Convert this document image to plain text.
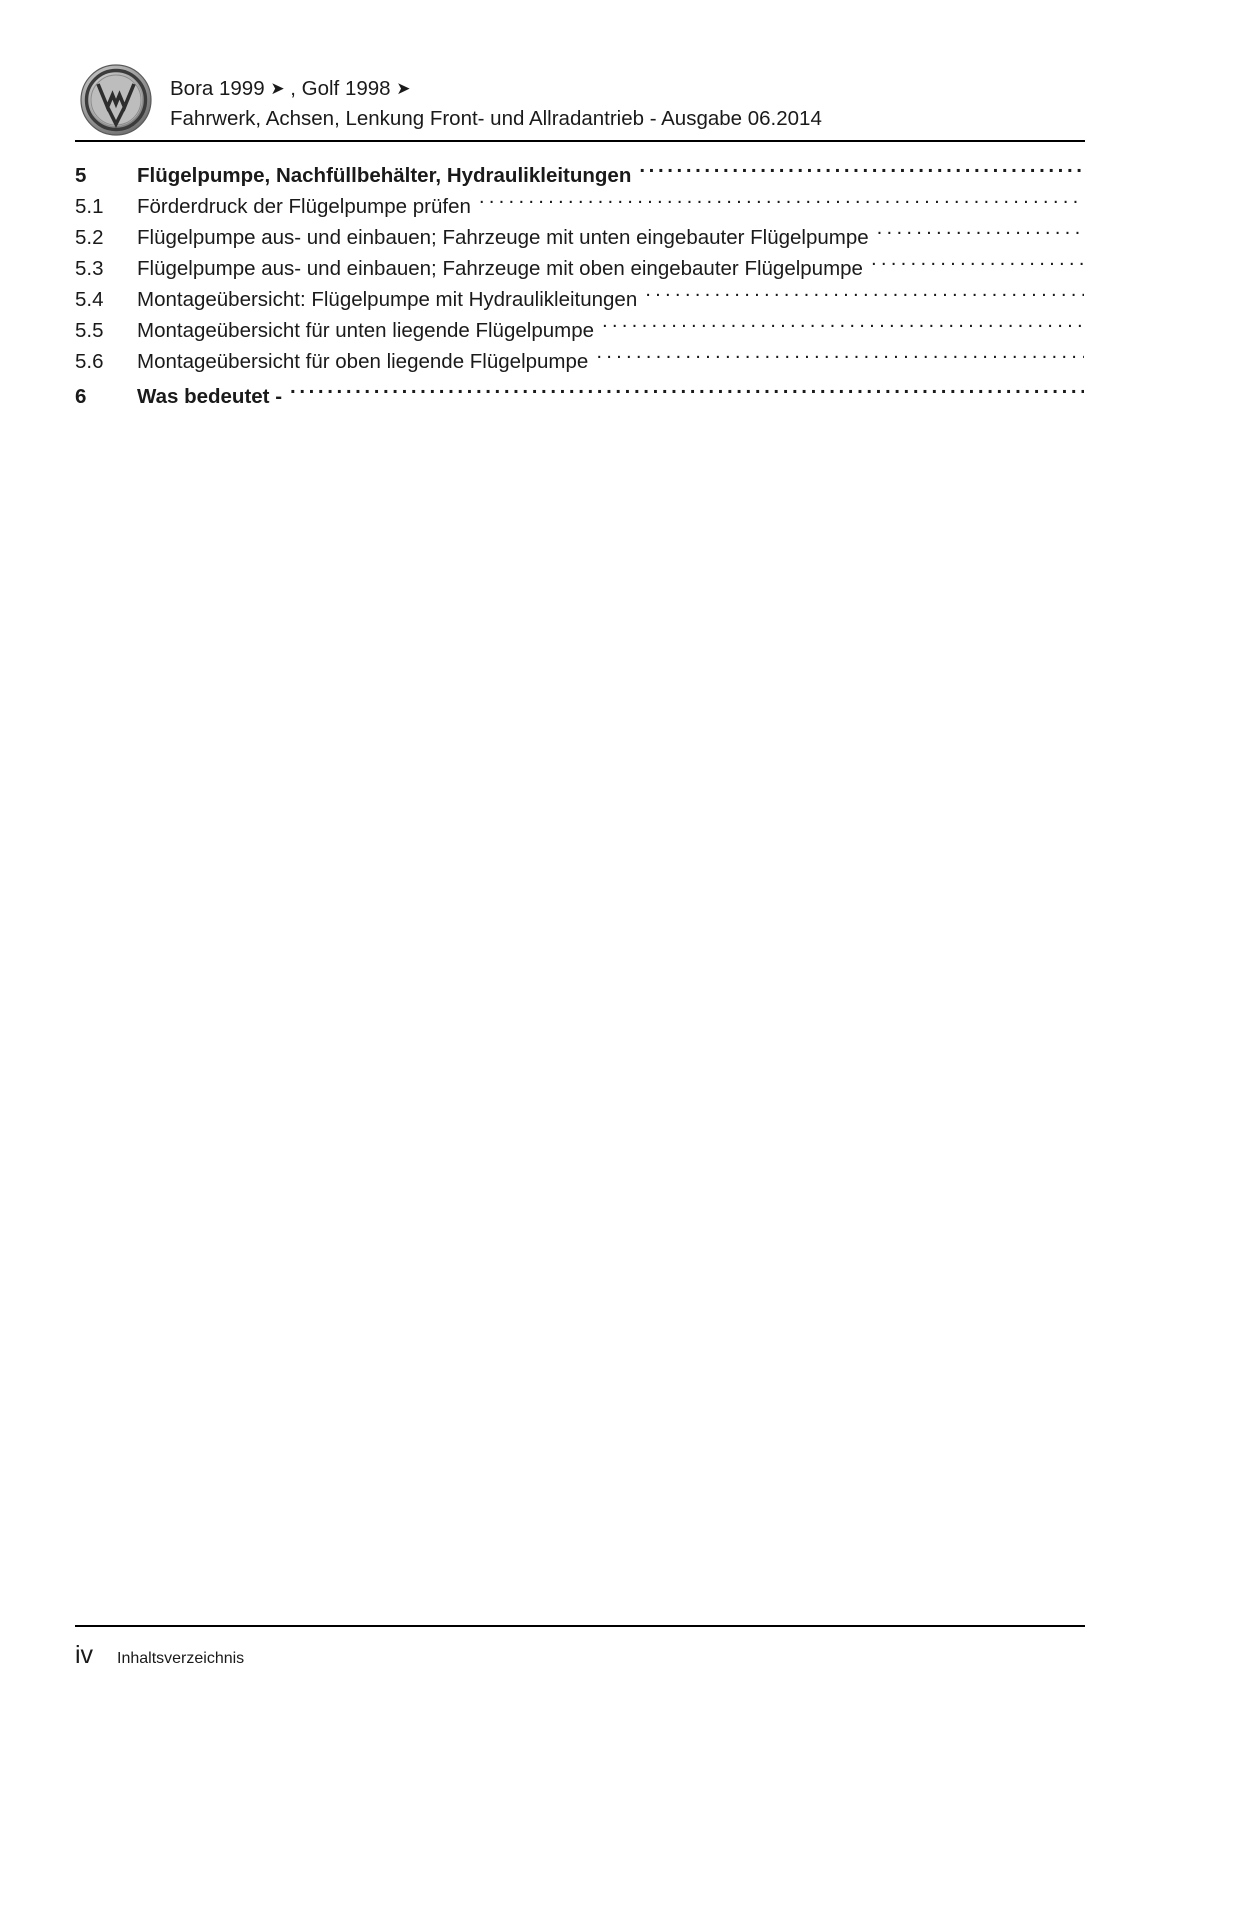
Bora 1999 ➤ , Golf 1998 ➤
Fahrwerk, Achsen, Lenkung Front- und Allradantrieb - Ausgabe 06.2014
5	Flügelpumpe, Nachfüllbehälter, Hydraulikleitungen
.....
5.1	Förderdruck der Flügelpumpe prüfen
.....
5.2	Flügelpumpe aus- und einbauen; Fahrzeuge mit unten eingebauter Flügelpumpe
.....
5.3	Flügelpumpe aus- und einbauen; Fahrzeuge mit oben eingebauter Flügelpumpe
.....
5.4	Montageübersicht: Flügelpumpe mit Hydraulikleitungen
.....
5.5	Montageübersicht für unten liegende Flügelpumpe
.....
5.6	Montageübersicht für oben liegende Flügelpumpe
.....
6	Was bedeutet -
.....
iv	Inhaltsverzeichnis
